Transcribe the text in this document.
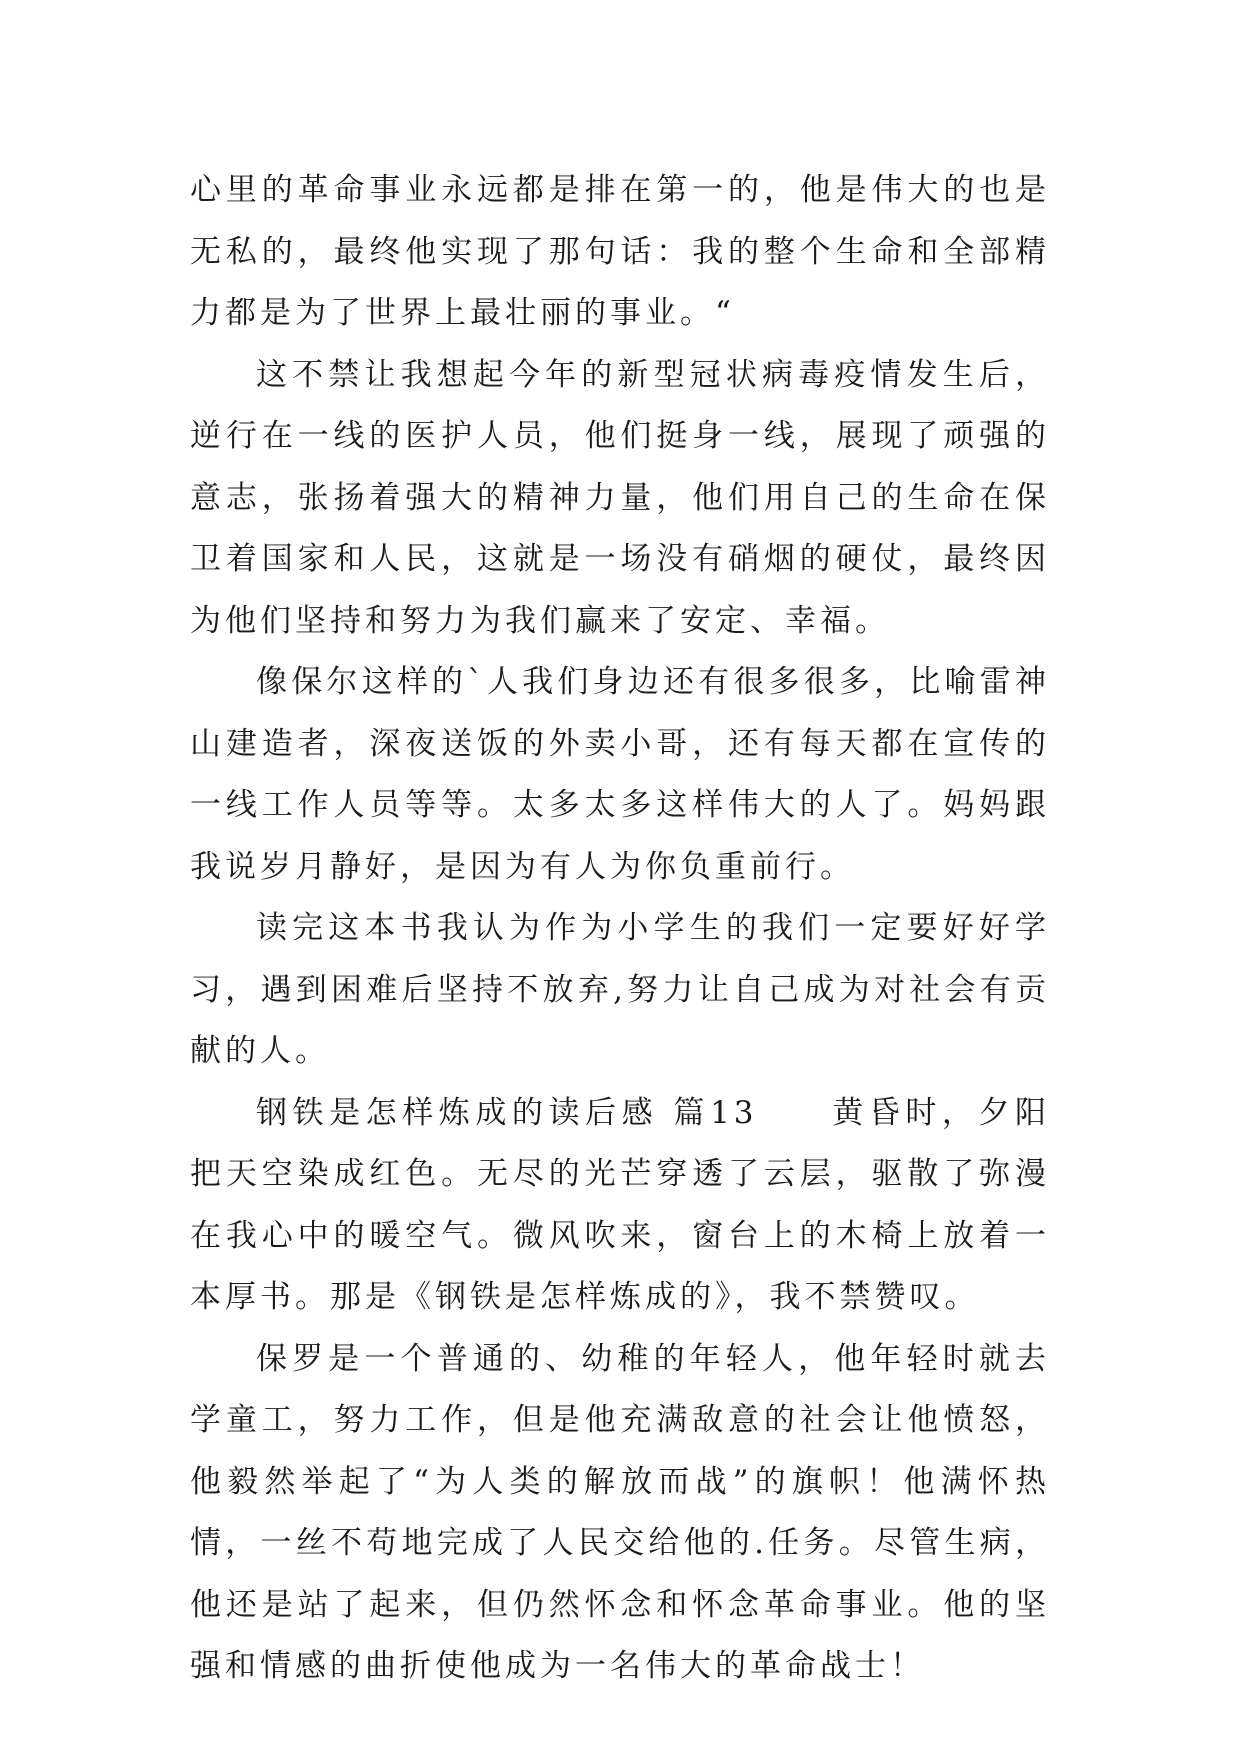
心里的革命事业永远都是排在第一的，他是伟大的也是无私的，最终他实现了那句话：我的整个生命和全部精力都是为了世界上最壮丽的事业。“

这不禁让我想起今年的新型冠状病毒疫情发生后，逆行在一线的医护人员，他们挺身一线，展现了顽强的意志，张扬着强大的精神力量，他们用自己的生命在保卫着国家和人民，这就是一场没有硝烟的硬仗，最终因为他们坚持和努力为我们赢来了安定、幸福。

像保尔这样的`人我们身边还有很多很多，比喻雷神山建造者，深夜送饭的外卖小哥，还有每天都在宣传的一线工作人员等等。太多太多这样伟大的人了。妈妈跟我说岁月静好，是因为有人为你负重前行。

读完这本书我认为作为小学生的我们一定要好好学习，遇到困难后坚持不放弃,努力让自己成为对社会有贡献的人。

钢铁是怎样炼成的读后感 篇13　　黄昏时，夕阳把天空染成红色。无尽的光芒穿透了云层，驱散了弥漫在我心中的暖空气。微风吹来，窗台上的木椅上放着一本厚书。那是《钢铁是怎样炼成的》，我不禁赞叹。

保罗是一个普通的、幼稚的年轻人，他年轻时就去学童工，努力工作，但是他充满敌意的社会让他愤怒，他毅然举起了“为人类的解放而战”的旗帜！他满怀热情，一丝不苟地完成了人民交给他的.任务。尽管生病，他还是站了起来，但仍然怀念和怀念革命事业。他的坚强和情感的曲折使他成为一名伟大的革命战士！
